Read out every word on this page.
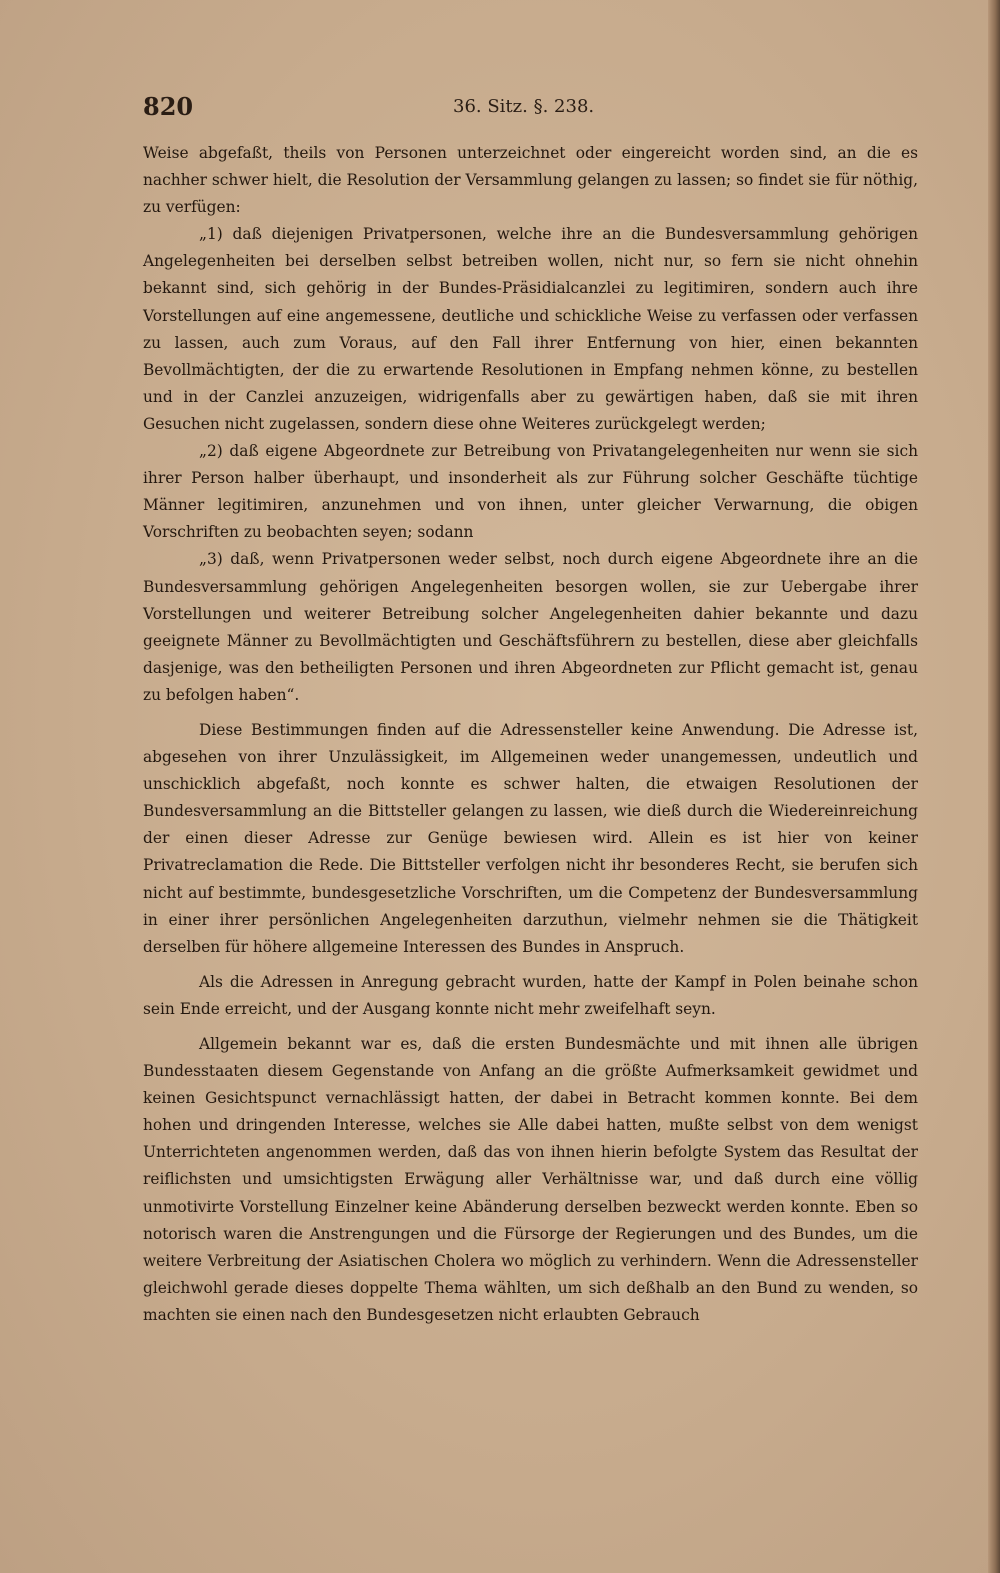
820	36. Sitz. §. 238.

Weise abgefaßt, theils von Personen unterzeichnet oder eingereicht worden sind, an die es nachher schwer hielt, die Resolution der Versammlung gelangen zu lassen; so findet sie für nöthig, zu verfügen:

„1) daß diejenigen Privatpersonen, welche ihre an die Bundesversammlung gehörigen Angelegenheiten bei derselben selbst betreiben wollen, nicht nur, so fern sie nicht ohnehin bekannt sind, sich gehörig in der Bundes-Präsidialcanzlei zu legitimiren, sondern auch ihre Vorstellungen auf eine angemessene, deutliche und schickliche Weise zu verfassen oder verfassen zu lassen, auch zum Voraus, auf den Fall ihrer Entfernung von hier, einen bekannten Bevollmächtigten, der die zu erwartende Resolutionen in Empfang nehmen könne, zu bestellen und in der Canzlei anzuzeigen, widrigenfalls aber zu gewärtigen haben, daß sie mit ihren Gesuchen nicht zugelassen, sondern diese ohne Weiteres zurückgelegt werden;

„2) daß eigene Abgeordnete zur Betreibung von Privatangelegenheiten nur wenn sie sich ihrer Person halber überhaupt, und insonderheit als zur Führung solcher Geschäfte tüchtige Männer legitimiren, anzunehmen und von ihnen, unter gleicher Verwarnung, die obigen Vorschriften zu beobachten seyen; sodann

„3) daß, wenn Privatpersonen weder selbst, noch durch eigene Abgeordnete ihre an die Bundesversammlung gehörigen Angelegenheiten besorgen wollen, sie zur Uebergabe ihrer Vorstellungen und weiterer Betreibung solcher Angelegenheiten dahier bekannte und dazu geeignete Männer zu Bevollmächtigten und Geschäftsführern zu bestellen, diese aber gleichfalls dasjenige, was den betheiligten Personen und ihren Abgeordneten zur Pflicht gemacht ist, genau zu befolgen haben“.

Diese Bestimmungen finden auf die Adressensteller keine Anwendung. Die Adresse ist, abgesehen von ihrer Unzulässigkeit, im Allgemeinen weder unangemessen, undeutlich und unschicklich abgefaßt, noch konnte es schwer halten, die etwaigen Resolutionen der Bundesversammlung an die Bittsteller gelangen zu lassen, wie dieß durch die Wiedereinreichung der einen dieser Adresse zur Genüge bewiesen wird. Allein es ist hier von keiner Privatreclamation die Rede. Die Bittsteller verfolgen nicht ihr besonderes Recht, sie berufen sich nicht auf bestimmte, bundesgesetzliche Vorschriften, um die Competenz der Bundesversammlung in einer ihrer persönlichen Angelegenheiten darzuthun, vielmehr nehmen sie die Thätigkeit derselben für höhere allgemeine Interessen des Bundes in Anspruch.

Als die Adressen in Anregung gebracht wurden, hatte der Kampf in Polen beinahe schon sein Ende erreicht, und der Ausgang konnte nicht mehr zweifelhaft seyn.

Allgemein bekannt war es, daß die ersten Bundesmächte und mit ihnen alle übrigen Bundesstaaten diesem Gegenstande von Anfang an die größte Aufmerksamkeit gewidmet und keinen Gesichtspunct vernachlässigt hatten, der dabei in Betracht kommen konnte. Bei dem hohen und dringenden Interesse, welches sie Alle dabei hatten, mußte selbst von dem wenigst Unterrichteten angenommen werden, daß das von ihnen hierin befolgte System das Resultat der reiflichsten und umsichtigsten Erwägung aller Verhältnisse war, und daß durch eine völlig unmotivirte Vorstellung Einzelner keine Abänderung derselben bezweckt werden konnte. Eben so notorisch waren die Anstrengungen und die Fürsorge der Regierungen und des Bundes, um die weitere Verbreitung der Asiatischen Cholera wo möglich zu verhindern. Wenn die Adressensteller gleichwohl gerade dieses doppelte Thema wählten, um sich deßhalb an den Bund zu wenden, so machten sie einen nach den Bundesgesetzen nicht erlaubten Gebrauch
